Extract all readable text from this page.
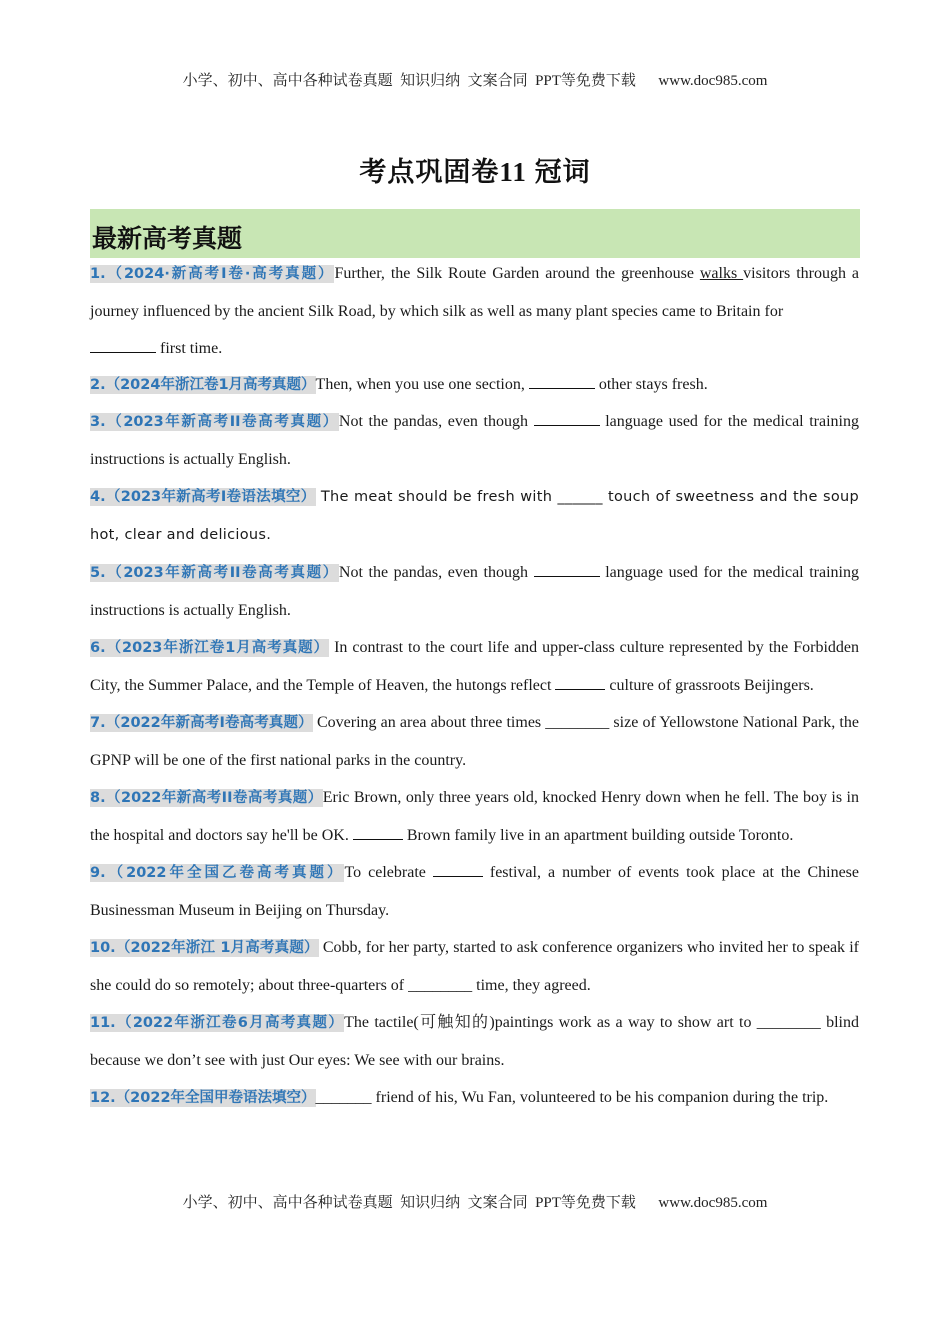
小学、初中、高中各种试卷真题  知识归纳  文案合同  PPT等免费下载      www.doc985.com
考点巩固卷11 冠词
最新高考真题
1.（2024·新高考I卷·高考真题）Further, the Silk Route Garden around the greenhouse walks visitors through a journey influenced by the ancient Silk Road, by which silk as well as many plant species came to Britain for
first time.
2.（2024年浙江卷1月高考真题）Then, when you use one section,	other stays fresh.
3.（2023年新高考II卷高考真题）Not the pandas, even though	language used for the medical training instructions is actually English.
4.（2023年新高考I卷语法填空） The meat should be fresh with ______ touch of sweetness and the soup hot, clear and delicious.
5.（2023年新高考II卷高考真题）Not the pandas, even though	language used for the medical training instructions is actually English.
6.（2023年浙江卷1月高考真题） In contrast to the court life and upper-class culture represented by the Forbidden City, the Summer Palace, and the Temple of Heaven, the hutongs reflect	culture of grassroots Beijingers.
7.（2022年新高考I卷高考真题） Covering an area about three times ________ size of Yellowstone National Park, the GPNP will be one of the first national parks in the country.
8.（2022年新高考II卷高考真题）Eric Brown, only three years old, knocked Henry down when he fell. The boy is in the hospital and doctors say he'll be OK.	Brown family live in an apartment building outside Toronto.
9.（2022年全国乙卷高考真题）To celebrate	festival, a number of events took place at the Chinese Businessman Museum in Beijing on Thursday.
10.（2022年浙江 1月高考真题） Cobb, for her party, started to ask conference organizers who invited her to speak if she could do so remotely; about three-quarters of ________ time, they agreed.
11.（2022年浙江卷6月高考真题）The tactile(可触知的)paintings work as a way to show art to ________ blind because we don’t see with just Our eyes: We see with our brains.
12.（2022年全国甲卷语法填空）_______ friend of his, Wu Fan, volunteered to be his companion during the trip.
小学、初中、高中各种试卷真题  知识归纳  文案合同  PPT等免费下载      www.doc985.com
